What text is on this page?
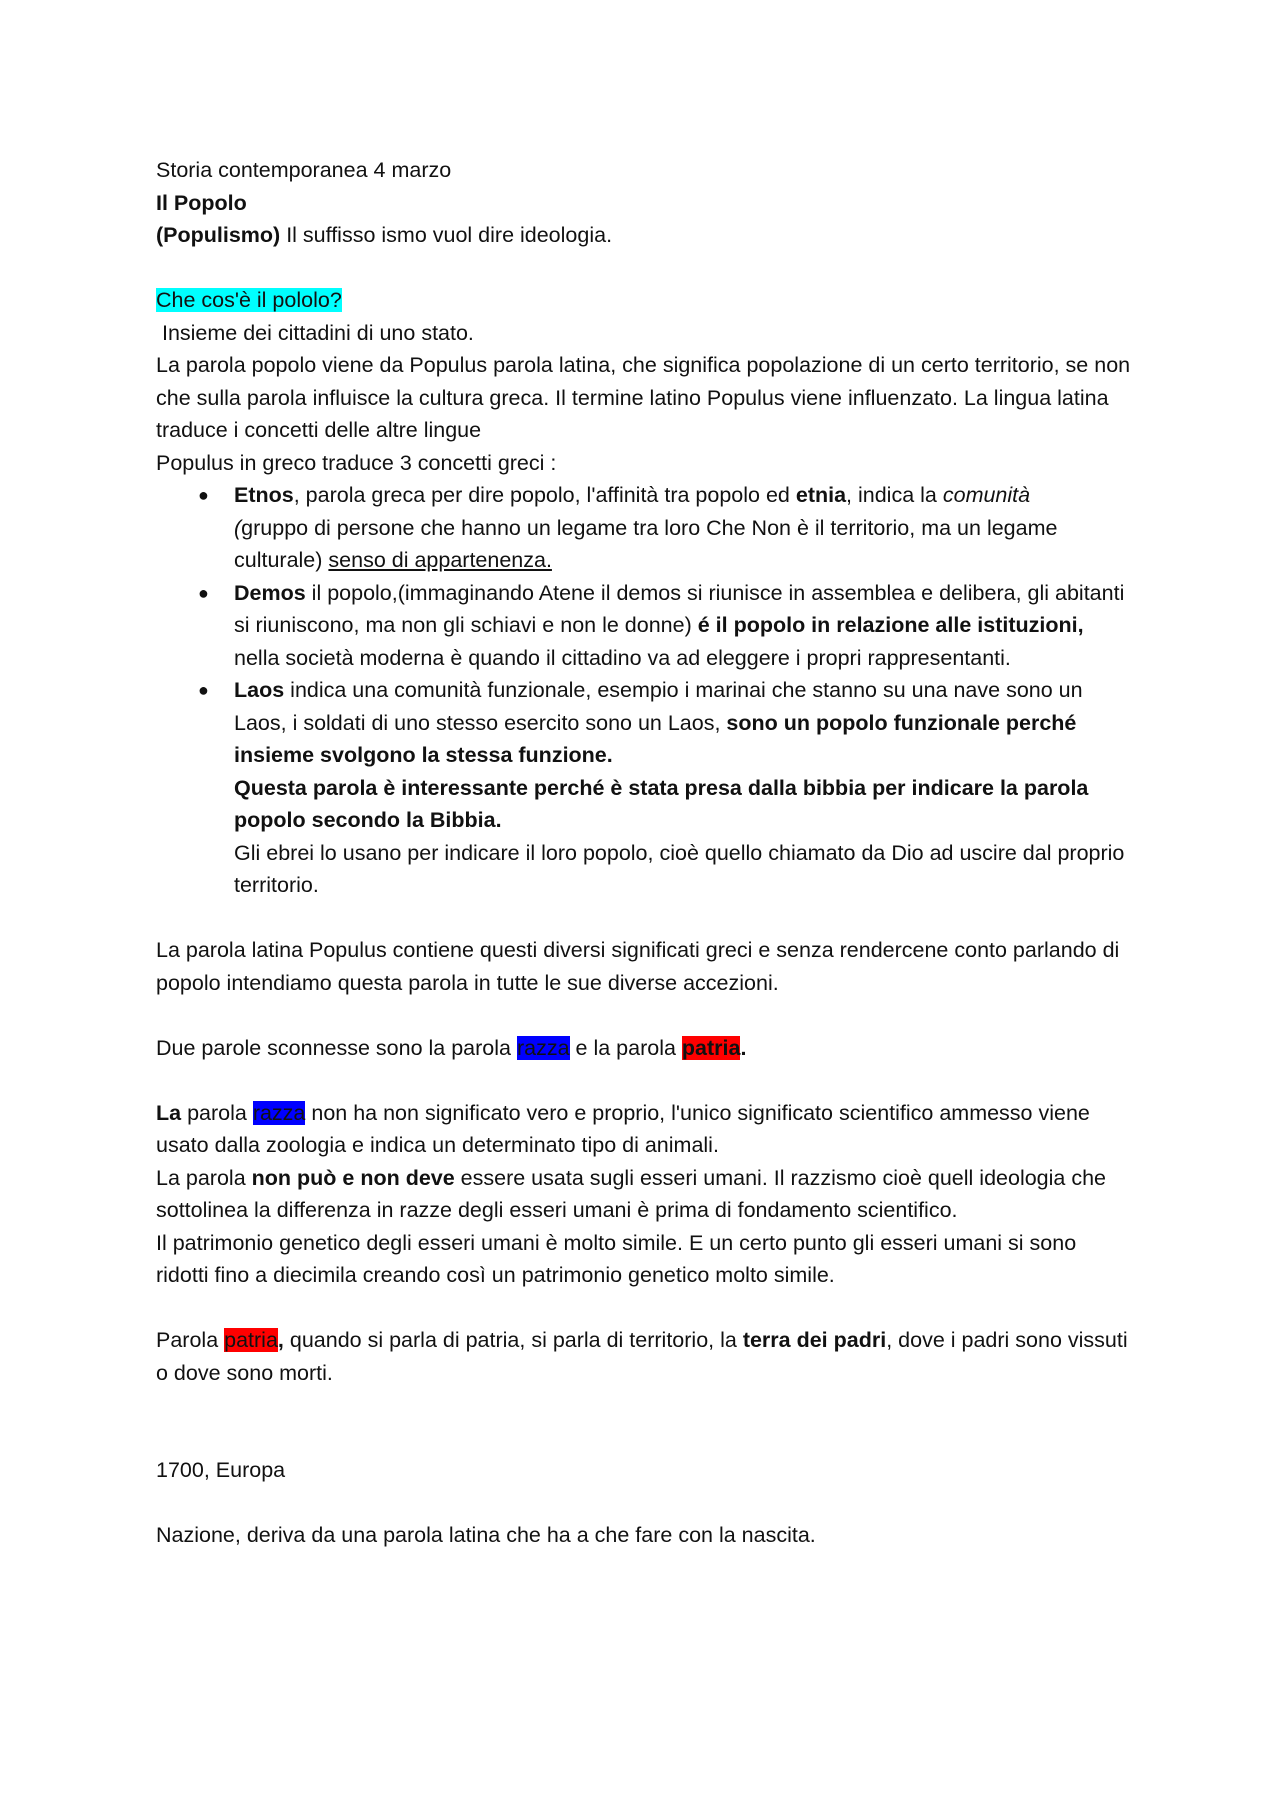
Storia contemporanea 4 marzo
Il Popolo
(Populismo) Il suffisso ismo vuol dire ideologia.
Che cos'è il pololo?
Insieme dei cittadini di uno stato.

La parola popolo viene da Populus parola latina, che significa popolazione di un certo territorio, se non che sulla parola influisce la cultura greca. Il termine latino Populus viene influenzato. La lingua latina traduce i concetti delle altre lingue

Populus in greco traduce 3 concetti greci :
● Etnos, parola greca per dire popolo, l'affinità tra popolo ed etnia, indica la comunità
(gruppo di persone che hanno un legame tra loro Che Non è il territorio, ma un legame culturale) senso di appartenenza.
● Demos il popolo,(immaginando Atene il demos si riunisce in assemblea e delibera, gli abitanti si riuniscono, ma non gli schiavi e non le donne) é il popolo in relazione alle istituzioni, nella società moderna è quando il cittadino va ad eleggere i propri rappresentanti.
● Laos indica una comunità funzionale, esempio i marinai che stanno su una nave sono un Laos, i soldati di uno stesso esercito sono un Laos, sono un popolo funzionale perché insieme svolgono la stessa funzione.
Questa parola è interessante perché è stata presa dalla bibbia per indicare la parola popolo secondo la Bibbia.
Gli ebrei lo usano per indicare il loro popolo, cioè quello chiamato da Dio ad uscire dal proprio territorio.

La parola latina Populus contiene questi diversi significati greci e senza rendercene conto parlando di popolo intendiamo questa parola in tutte le sue diverse accezioni.

Due parole sconnesse sono la parola razza e la parola patria.

La parola razza non ha non significato vero e proprio, l'unico significato scientifico ammesso viene usato dalla zoologia e indica un determinato tipo di animali.

La parola non può e non deve essere usata sugli esseri umani. Il razzismo cioè quell ideologia che sottolinea la differenza in razze degli esseri umani è prima di fondamento scientifico.

Il patrimonio genetico degli esseri umani è molto simile. E un certo punto gli esseri umani si sono ridotti fino a diecimila creando così un patrimonio genetico molto simile.

Parola patria, quando si parla di patria, si parla di territorio, la terra dei padri, dove i padri sono vissuti o dove sono morti.

1700, Europa
Nazione, deriva da una parola latina che ha a che fare con la nascita.
